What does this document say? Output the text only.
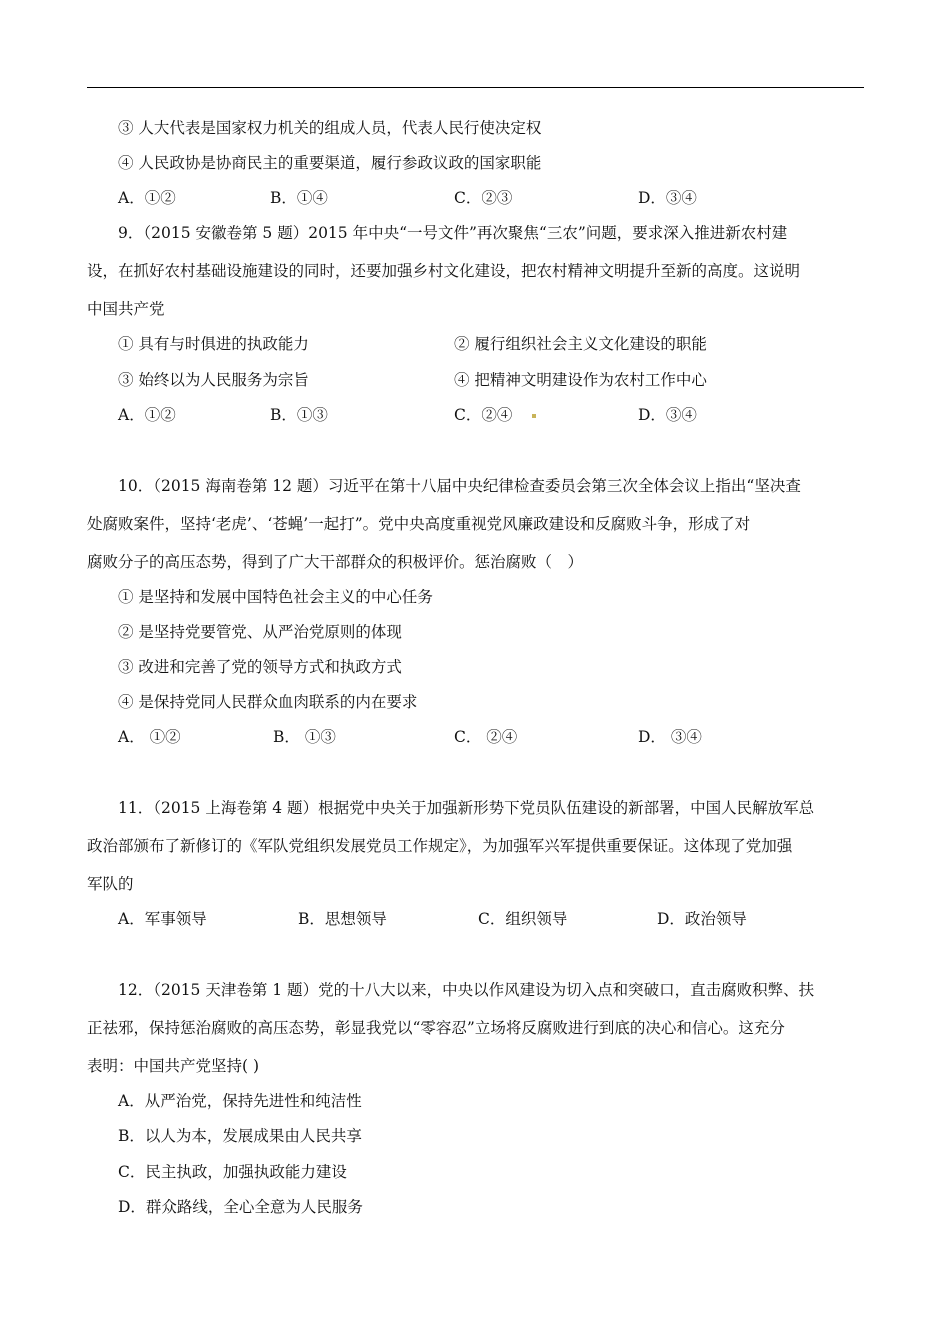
③ 人大代表是国家权力机关的组成人员，代表人民行使决定权
④ 人民政协是协商民主的重要渠道，履行参政议政的国家职能
A．①②	B．①④	C．②③	D．③④
9．（2015 安徽卷第 5 题）2015 年中央“一号文件”再次聚焦“三农”问题，要求深入推进新农村建
设，在抓好农村基础设施建设的同时，还要加强乡村文化建设，把农村精神文明提升至新的高度。这说明
中国共产党
① 具有与时俱进的执政能力	② 履行组织社会主义文化建设的职能
③ 始终以为人民服务为宗旨	④ 把精神文明建设作为农村工作中心
A．①②	B．①③	C．②④	D．③④
10．（2015 海南卷第 12 题）习近平在第十八届中央纪律检查委员会第三次全体会议上指出“坚决查
处腐败案件，坚持‘老虎’、‘苍蝇’一起打”。党中央高度重视党风廉政建设和反腐败斗争，形成了对
腐败分子的高压态势，得到了广大干部群众的积极评价。惩治腐败（　）
① 是坚持和发展中国特色社会主义的中心任务
② 是坚持党要管党、从严治党原则的体现
③ 改进和完善了党的领导方式和执政方式
④ 是保持党同人民群众血肉联系的内在要求
A． ①②	B． ①③	C． ②④	D． ③④
11．（2015 上海卷第 4 题）根据党中央关于加强新形势下党员队伍建设的新部署，中国人民解放军总
政治部颁布了新修订的《军队党组织发展党员工作规定》，为加强军兴军提供重要保证。这体现了党加强
军队的
A．军事领导	B．思想领导	C．组织领导	D．政治领导
12．（2015 天津卷第 1 题）党的十八大以来，中央以作风建设为切入点和突破口，直击腐败积弊、扶
正祛邪，保持惩治腐败的高压态势，彰显我党以“零容忍”立场将反腐败进行到底的决心和信心。这充分
表明：中国共产党坚持( )
A．从严治党，保持先进性和纯洁性
B．以人为本，发展成果由人民共享
C．民主执政，加强执政能力建设
D．群众路线，全心全意为人民服务
